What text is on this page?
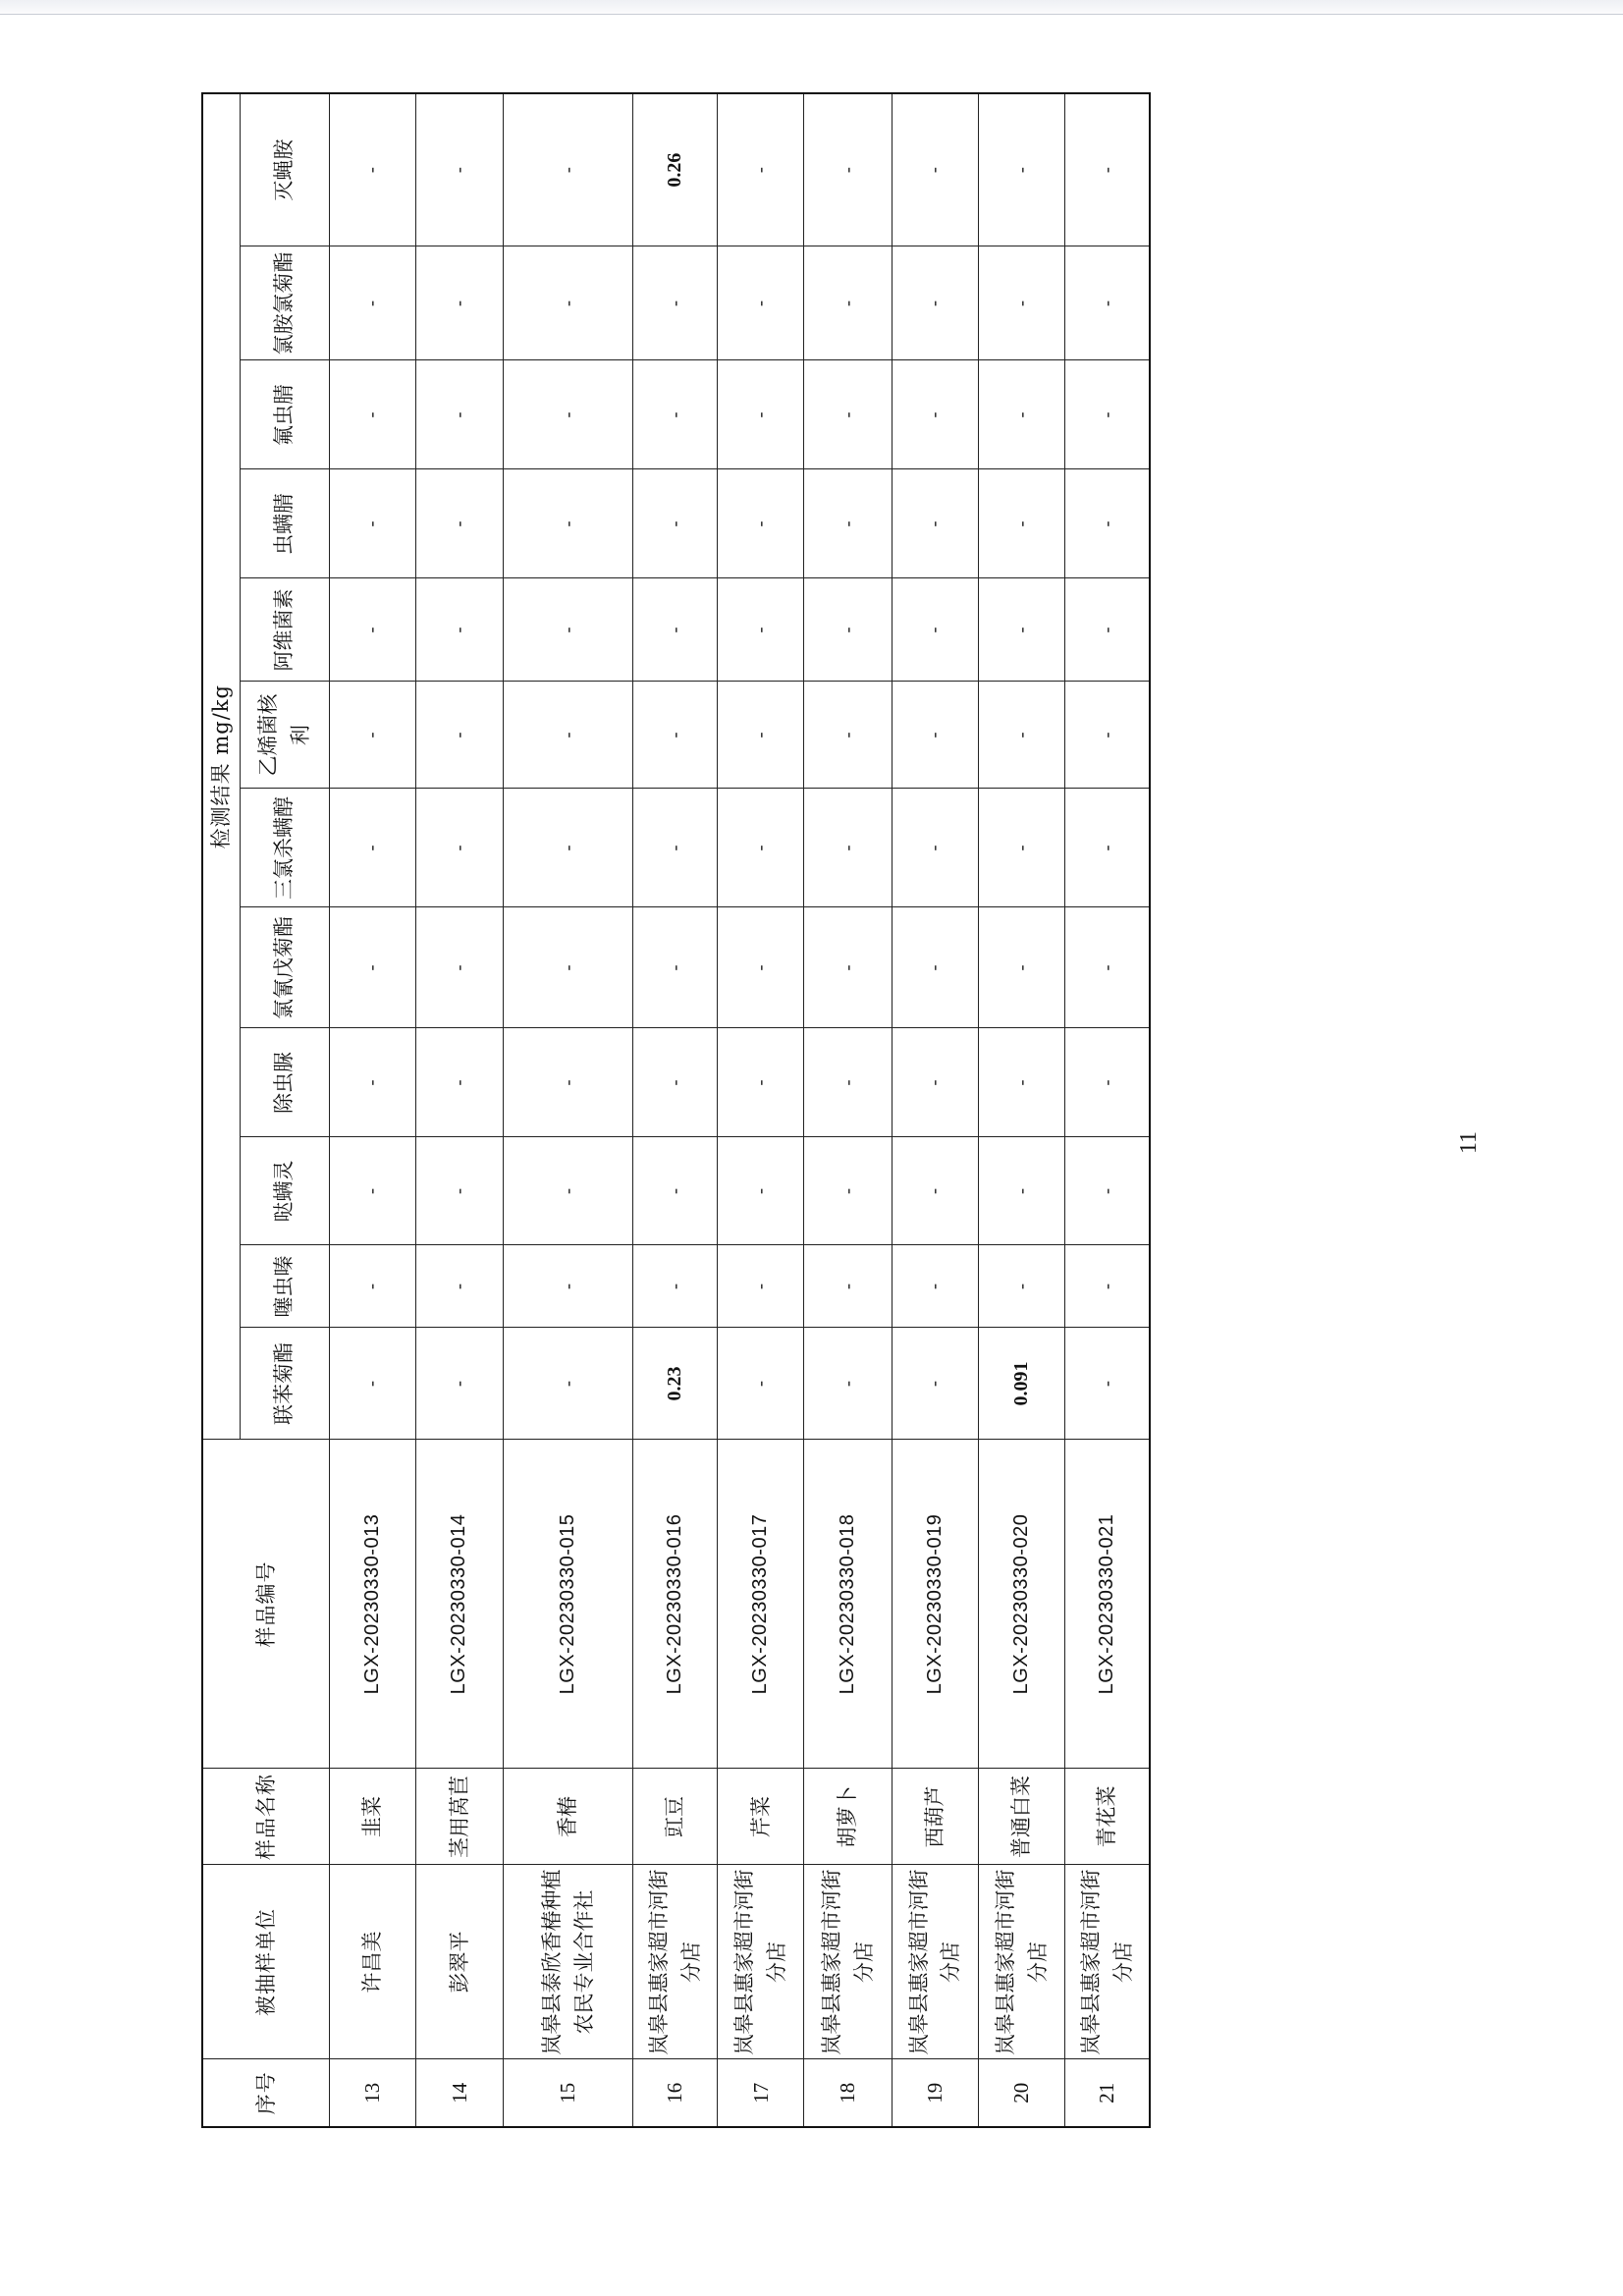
序号	被抽样单位	样品名称	样品编号	检测结果 mg/kg											
				联苯菊酯	噻虫嗪	哒螨灵	除虫脲	氯氰戊菊酯	三氯杀螨醇	乙烯菌核利	阿维菌素	虫螨腈	氟虫腈	氯胺氯菊酯	灭蝇胺
13	许昌美	韭菜	LGX-20230330-013	-	-	-	-	-	-	-	-	-	-	-	-
14	彭翠平	茎用莴苣	LGX-20230330-014	-	-	-	-	-	-	-	-	-	-	-	-
15	岚皋县泰欣香椿种植农民专业合作社	香椿	LGX-20230330-015	-	-	-	-	-	-	-	-	-	-	-	-
16	岚皋县惠家超市河街分店	豇豆	LGX-20230330-016	0.23	-	-	-	-	-	-	-	-	-	-	0.26
17	岚皋县惠家超市河街分店	芹菜	LGX-20230330-017	-	-	-	-	-	-	-	-	-	-	-	-
18	岚皋县惠家超市河街分店	胡萝卜	LGX-20230330-018	-	-	-	-	-	-	-	-	-	-	-	-
19	岚皋县惠家超市河街分店	西葫芦	LGX-20230330-019	-	-	-	-	-	-	-	-	-	-	-	-
20	岚皋县惠家超市河街分店	普通白菜	LGX-20230330-020	0.091	-	-	-	-	-	-	-	-	-	-	-
21	岚皋县惠家超市河街分店	青花菜	LGX-20230330-021	-	-	-	-	-	-	-	-	-	-	-	-
11
